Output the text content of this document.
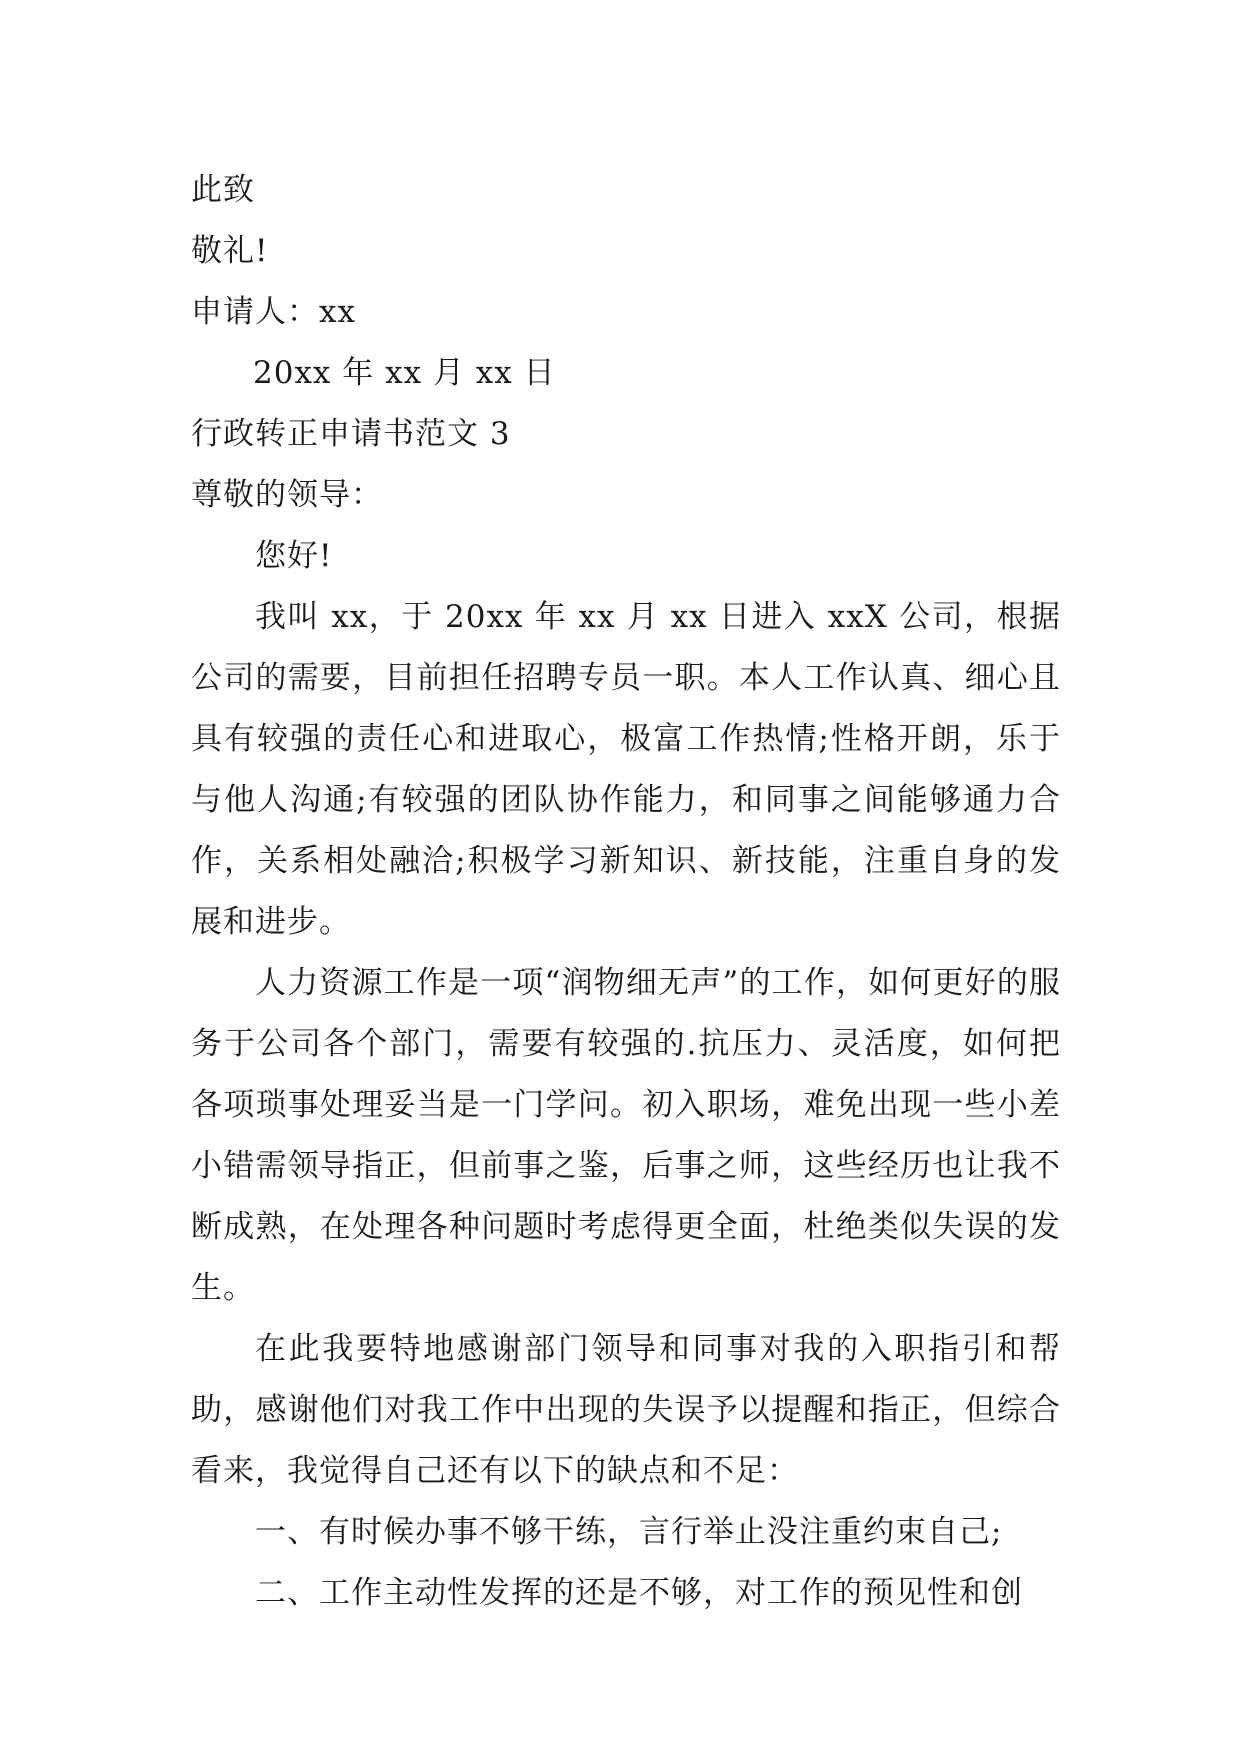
此致

敬礼!

申请人：xx

20xx 年 xx 月 xx 日

行政转正申请书范文 3

尊敬的领导：

您好!

我叫 xx，于 20xx 年 xx 月 xx 日进入 xxX 公司，根据公司的需要，目前担任招聘专员一职。本人工作认真、细心且具有较强的责任心和进取心，极富工作热情;性格开朗，乐于与他人沟通;有较强的团队协作能力，和同事之间能够通力合作，关系相处融洽;积极学习新知识、新技能，注重自身的发展和进步。

人力资源工作是一项“润物细无声”的工作，如何更好的服务于公司各个部门，需要有较强的.抗压力、灵活度，如何把各项琐事处理妥当是一门学问。初入职场，难免出现一些小差小错需领导指正，但前事之鉴，后事之师，这些经历也让我不断成熟，在处理各种问题时考虑得更全面，杜绝类似失误的发生。

在此我要特地感谢部门领导和同事对我的入职指引和帮助，感谢他们对我工作中出现的失误予以提醒和指正，但综合看来，我觉得自己还有以下的缺点和不足：

一、有时候办事不够干练，言行举止没注重约束自己;

二、工作主动性发挥的还是不够，对工作的预见性和创
